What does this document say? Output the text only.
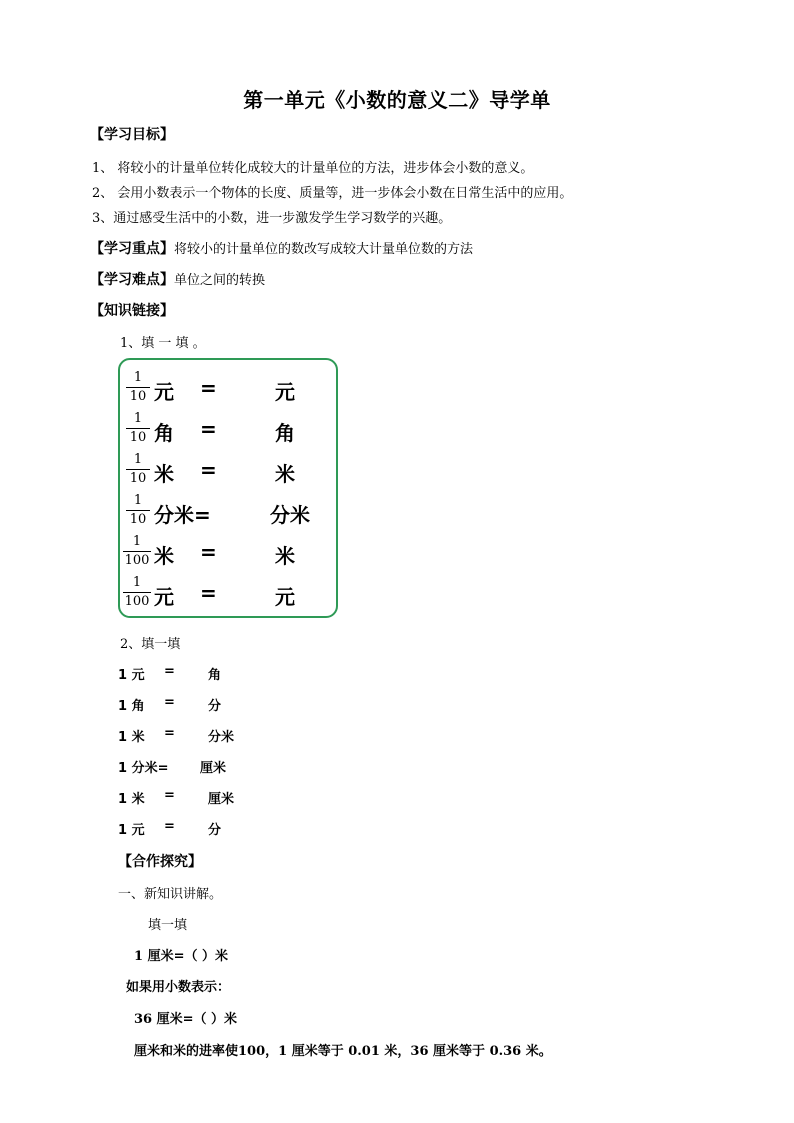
第一单元《小数的意义二》导学单
【学习目标】
1、 将较小的计量单位转化成较大的计量单位的方法，进步体会小数的意义。
2、 会用小数表示一个物体的长度、质量等，进一步体会小数在日常生活中的应用。
3、通过感受生活中的小数，进一步激发学生学习数学的兴趣。
【学习重点】将较小的计量单位的数改写成较大计量单位数的方法
【学习难点】单位之间的转换
【知识链接】
1、填 一 填 。
1
10 元 =	元
1
10 角 =	角
1
10 米 =	米
1
10 分米=	分米
1
100 米 =	米
1
100 元 =	元
2、填一填
1 元 =	角
1 角 =	分
1 米 =	分米
1 分米= 厘米
1 米 =	厘米
1 元 =	分
【合作探究】
一、新知识讲解。
填一填
1 厘米=（ ）米
如果用小数表示：
36 厘米=（ ）米
厘米和米的进率使100，1 厘米等于 0.01 米，36 厘米等于 0.36 米。
